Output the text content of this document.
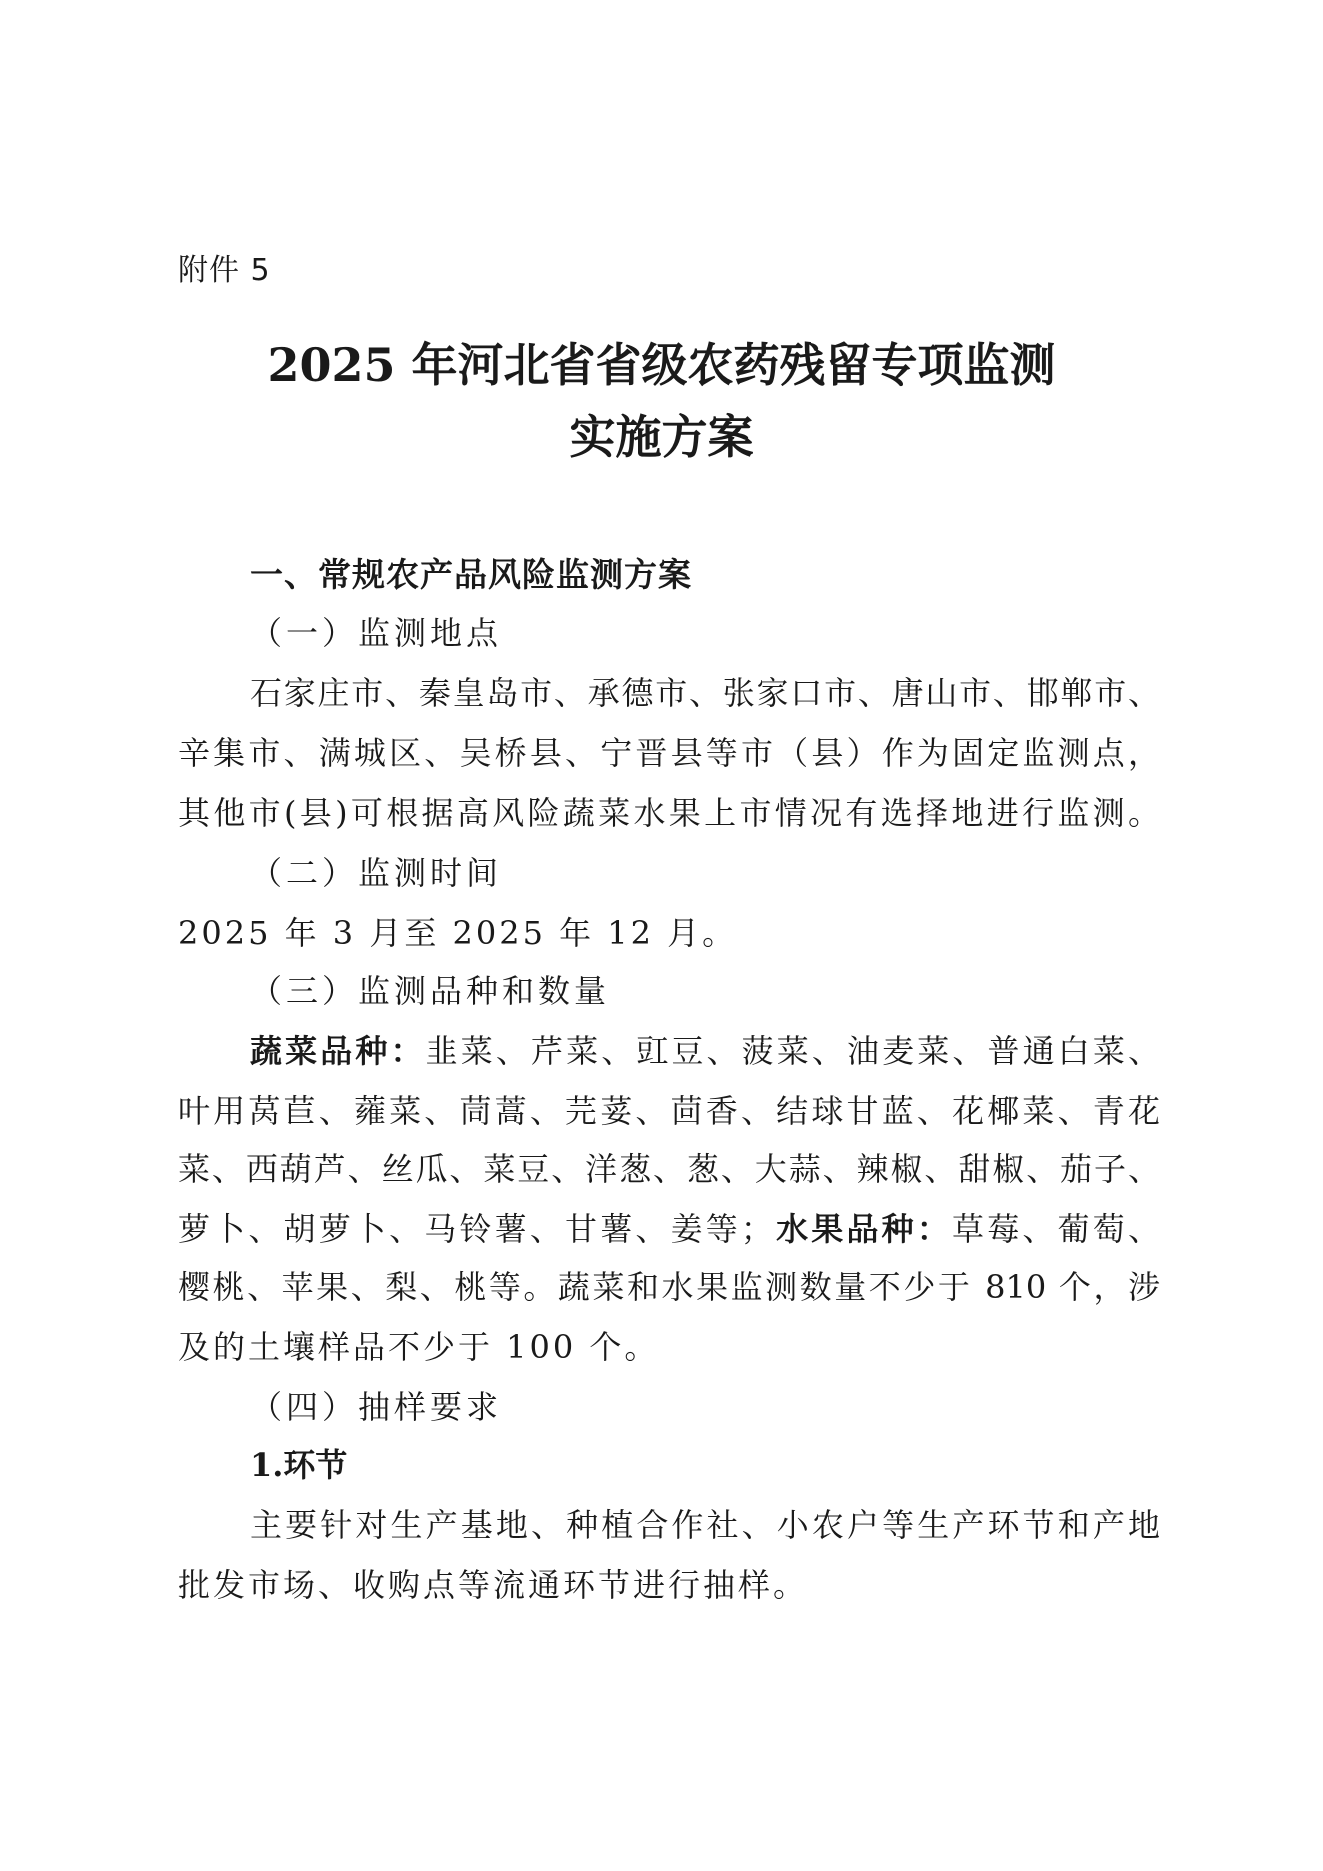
附件 5
2025 年河北省省级农药残留专项监测
实施方案
一、常规农产品风险监测方案
（一）监测地点
石家庄市、秦皇岛市、承德市、张家口市、唐山市、邯郸市、
辛集市、满城区、吴桥县、宁晋县等市（县）作为固定监测点，
其他市(县)可根据高风险蔬菜水果上市情况有选择地进行监测。
（二）监测时间
2025 年 3 月至 2025 年 12 月。
（三）监测品种和数量
蔬菜品种：韭菜、芹菜、豇豆、菠菜、油麦菜、普通白菜、
叶用莴苣、蕹菜、茼蒿、芫荽、茴香、结球甘蓝、花椰菜、青花
菜、西葫芦、丝瓜、菜豆、洋葱、葱、大蒜、辣椒、甜椒、茄子、
萝卜、胡萝卜、马铃薯、甘薯、姜等；水果品种：草莓、葡萄、
樱桃、苹果、梨、桃等。蔬菜和水果监测数量不少于 810 个，涉
及的土壤样品不少于 100 个。
（四）抽样要求
1.环节
主要针对生产基地、种植合作社、小农户等生产环节和产地
批发市场、收购点等流通环节进行抽样。
